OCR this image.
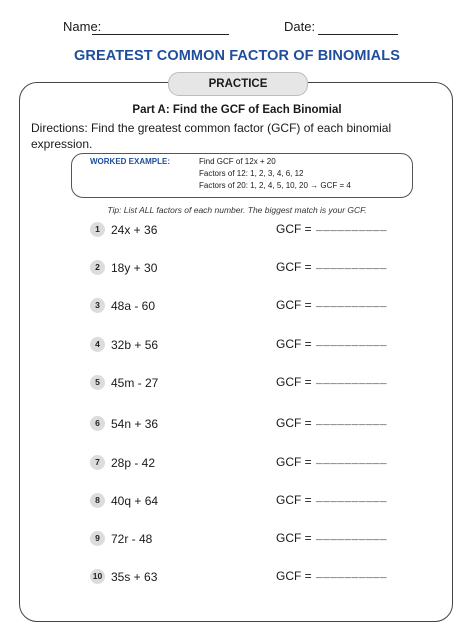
Name:	Date:
GREATEST COMMON FACTOR OF BINOMIALS
PRACTICE
Part A: Find the GCF of Each Binomial
Directions: Find the greatest common factor (GCF) of each binomial expression.
WORKED EXAMPLE:	Find GCF of 12x + 20
Factors of 12: 1, 2, 3, 4, 6, 12
Factors of 20: 1, 2, 4, 5, 10, 20 → GCF = 4
Tip: List ALL factors of each number. The biggest match is your GCF.
1 24x + 36	GCF = __________
2 18y + 30	GCF = __________
3 48a - 60	GCF = __________
4 32b + 56	GCF = __________
5 45m - 27	GCF = __________
6 54n + 36	GCF = __________
7 28p - 42	GCF = __________
8 40q + 64	GCF = __________
9 72r - 48	GCF = __________
10 35s + 63	GCF = __________
